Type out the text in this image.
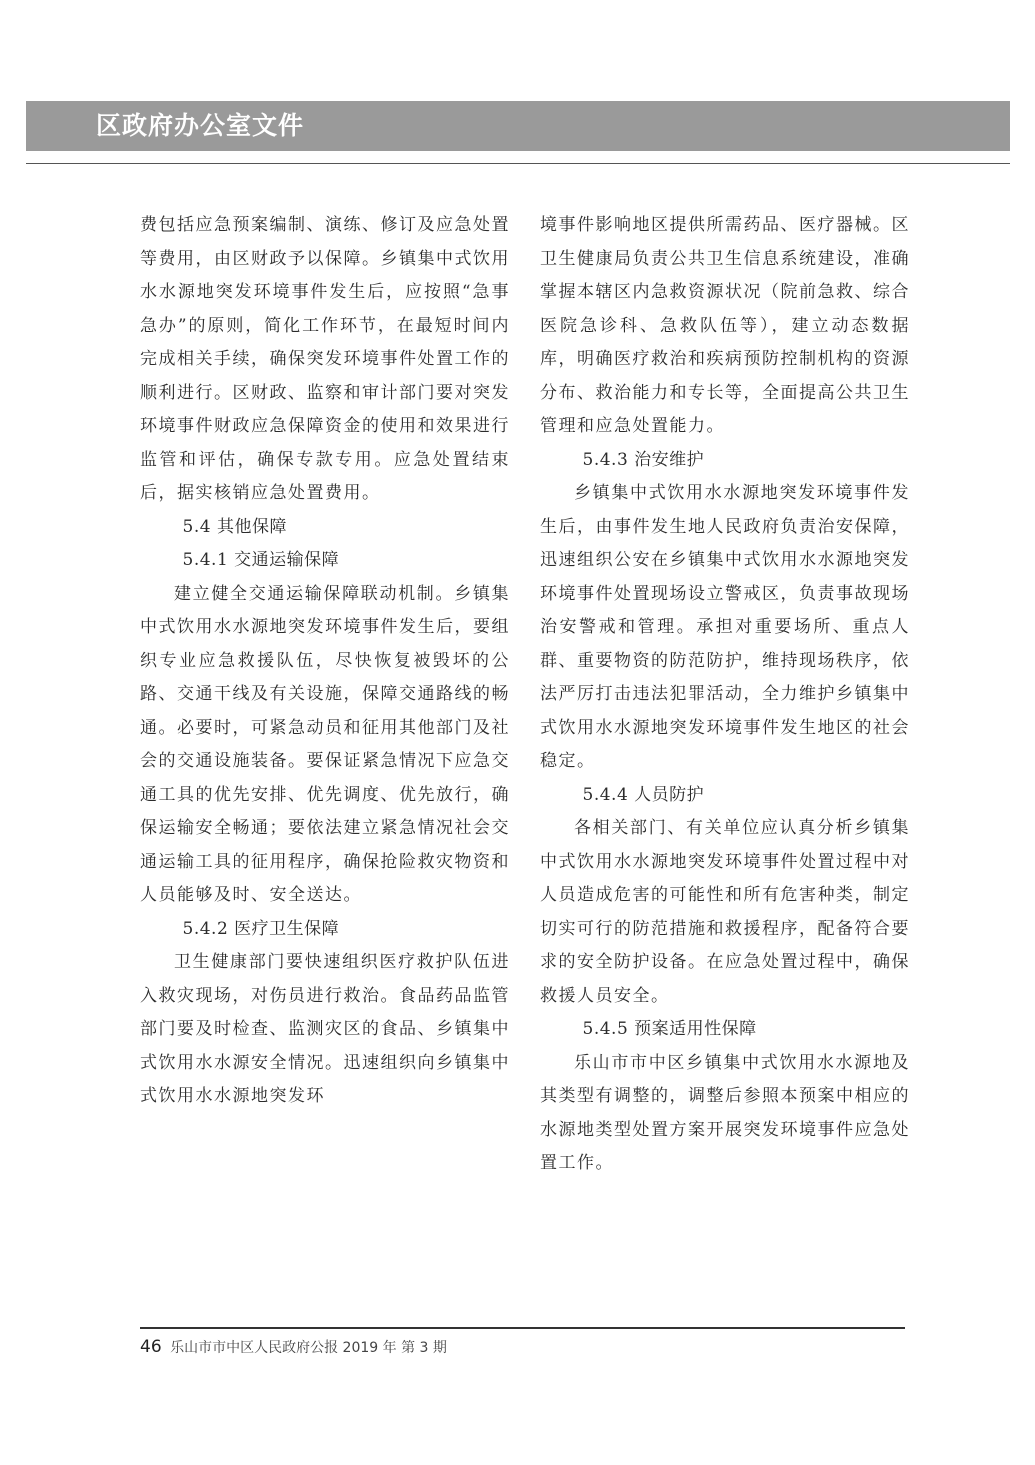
区政府办公室文件

费包括应急预案编制、演练、修订及应急处置等费用，由区财政予以保障。乡镇集中式饮用水水源地突发环境事件发生后，应按照“急事急办”的原则，简化工作环节，在最短时间内完成相关手续，确保突发环境事件处置工作的顺利进行。区财政、监察和审计部门要对突发环境事件财政应急保障资金的使用和效果进行监管和评估，确保专款专用。应急处置结束后，据实核销应急处置费用。

5.4 其他保障

5.4.1 交通运输保障

建立健全交通运输保障联动机制。乡镇集中式饮用水水源地突发环境事件发生后，要组织专业应急救援队伍，尽快恢复被毁坏的公路、交通干线及有关设施，保障交通路线的畅通。必要时，可紧急动员和征用其他部门及社会的交通设施装备。要保证紧急情况下应急交通工具的优先安排、优先调度、优先放行，确保运输安全畅通；要依法建立紧急情况社会交通运输工具的征用程序，确保抢险救灾物资和人员能够及时、安全送达。

5.4.2 医疗卫生保障

卫生健康部门要快速组织医疗救护队伍进入救灾现场，对伤员进行救治。食品药品监管部门要及时检查、监测灾区的食品、乡镇集中式饮用水水源安全情况。迅速组织向乡镇集中式饮用水水源地突发环

境事件影响地区提供所需药品、医疗器械。区卫生健康局负责公共卫生信息系统建设，准确掌握本辖区内急救资源状况（院前急救、综合医院急诊科、急救队伍等），建立动态数据库，明确医疗救治和疾病预防控制机构的资源分布、救治能力和专长等，全面提高公共卫生管理和应急处置能力。

5.4.3 治安维护

乡镇集中式饮用水水源地突发环境事件发生后，由事件发生地人民政府负责治安保障，迅速组织公安在乡镇集中式饮用水水源地突发环境事件处置现场设立警戒区，负责事故现场治安警戒和管理。承担对重要场所、重点人群、重要物资的防范防护，维持现场秩序，依法严厉打击违法犯罪活动，全力维护乡镇集中式饮用水水源地突发环境事件发生地区的社会稳定。

5.4.4 人员防护

各相关部门、有关单位应认真分析乡镇集中式饮用水水源地突发环境事件处置过程中对人员造成危害的可能性和所有危害种类，制定切实可行的防范措施和救援程序，配备符合要求的安全防护设备。在应急处置过程中，确保救援人员安全。

5.4.5 预案适用性保障

乐山市市中区乡镇集中式饮用水水源地及其类型有调整的，调整后参照本预案中相应的水源地类型处置方案开展突发环境事件应急处置工作。

46 乐山市市中区人民政府公报 2019 年 第 3 期
